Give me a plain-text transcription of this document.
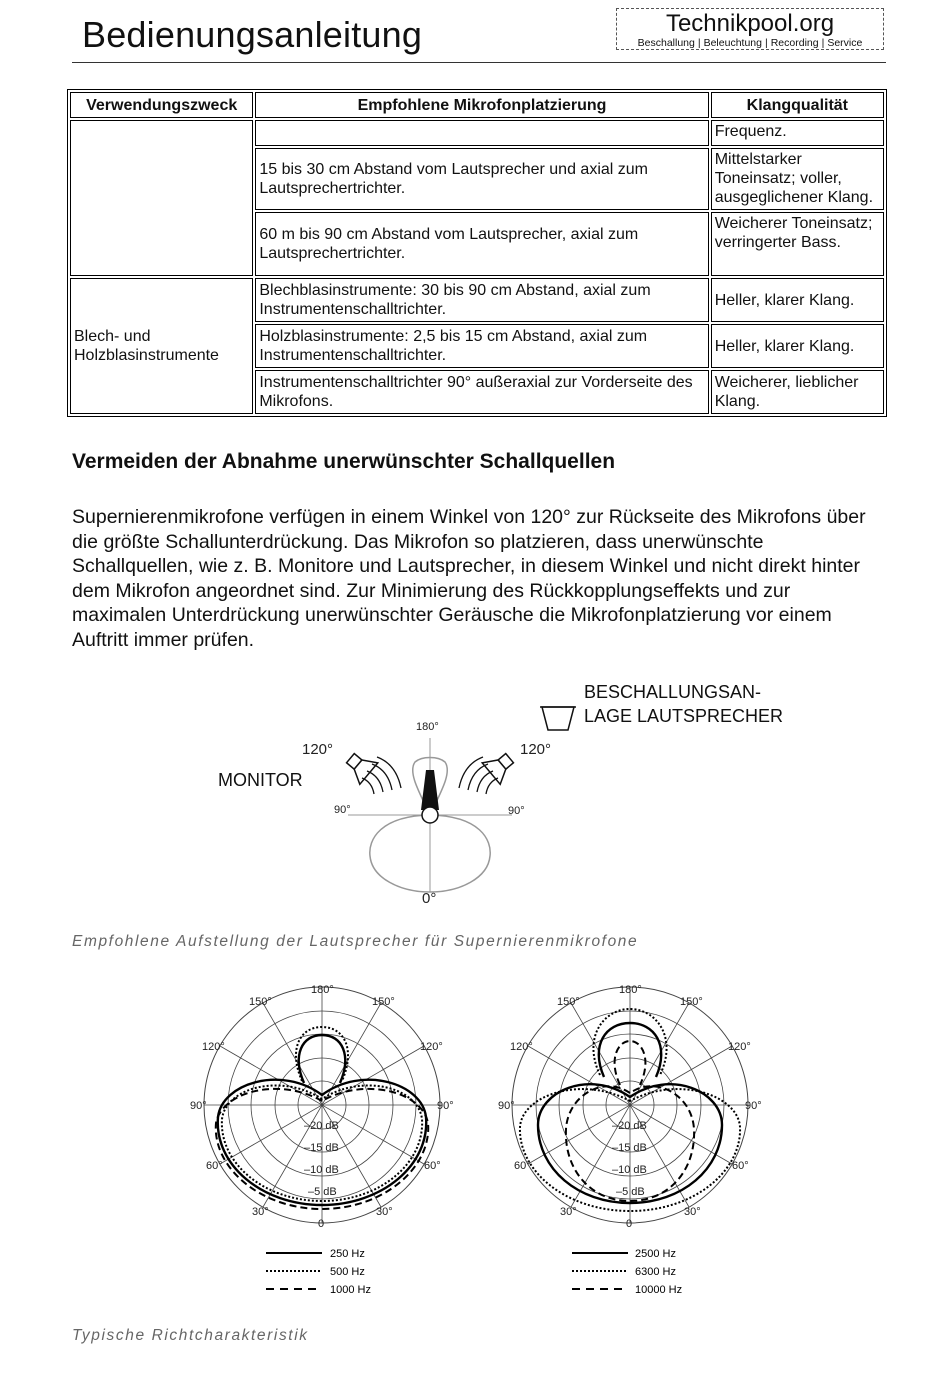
Bedienungsanleitung	Technikpool.org
Beschallung | Beleuchtung | Recording | Service
Verwendungszweck	Empfohlene Mikrofonplatzierung	Klangqualität
		Frequenz.
	15 bis 30 cm Abstand vom Lautsprecher und axial zum Lautsprechertrichter.	Mittelstarker Toneinsatz; voller, ausgeglichener Klang.
	60 m bis 90 cm Abstand vom Lautsprecher, axial zum Lautsprechertrichter.	Weicherer Toneinsatz; verringerter Bass.
Blech- und Holzblasinstrumente	Blechblasinstrumente: 30 bis 90 cm Abstand, axial zum Instrumentenschalltrichter.	Heller, klarer Klang.
	Holzblasinstrumente: 2,5 bis 15 cm Abstand, axial zum Instrumentenschalltrichter.	Heller, klarer Klang.
	Instrumentenschalltrichter 90° außeraxial zur Vorderseite des Mikrofons.	Weicherer, lieblicher Klang.
Vermeiden der Abnahme unerwünschter Schallquellen
Supernierenmikrofone verfügen in einem Winkel von 120° zur Rückseite des Mikrofons über die größte Schallunterdrückung. Das Mikrofon so platzieren, dass unerwünschte Schallquellen, wie z. B. Monitore und Lautsprecher, in diesem Winkel und nicht direkt hinter dem Mikrofon angeordnet sind. Zur Minimierung des Rückkopplungseffekts und zur maximalen Unterdrückung unerwünschter Geräusche die Mikrofonplatzierung vor einem Auftritt immer prüfen.
180°
120°	120°
90°	90°
0°
MONITOR
BESCHALLUNGSAN-
LAGE LAUTSPRECHER
Empfohlene Aufstellung der Lautsprecher für Supernierenmikrofone
180°
150°	150°
120°	120°
90°	90°
60°	60°
30°	30°
0
–20 dB
–15 dB
–10 dB
–5 dB
180°
150°	150°
120°	120°
90°	90°
60°	60°
30°	30°
0
–20 dB
–15 dB
–10 dB
–5 dB
250 Hz
500 Hz
1000 Hz
2500 Hz
6300 Hz
10000 Hz
Typische Richtcharakteristik
